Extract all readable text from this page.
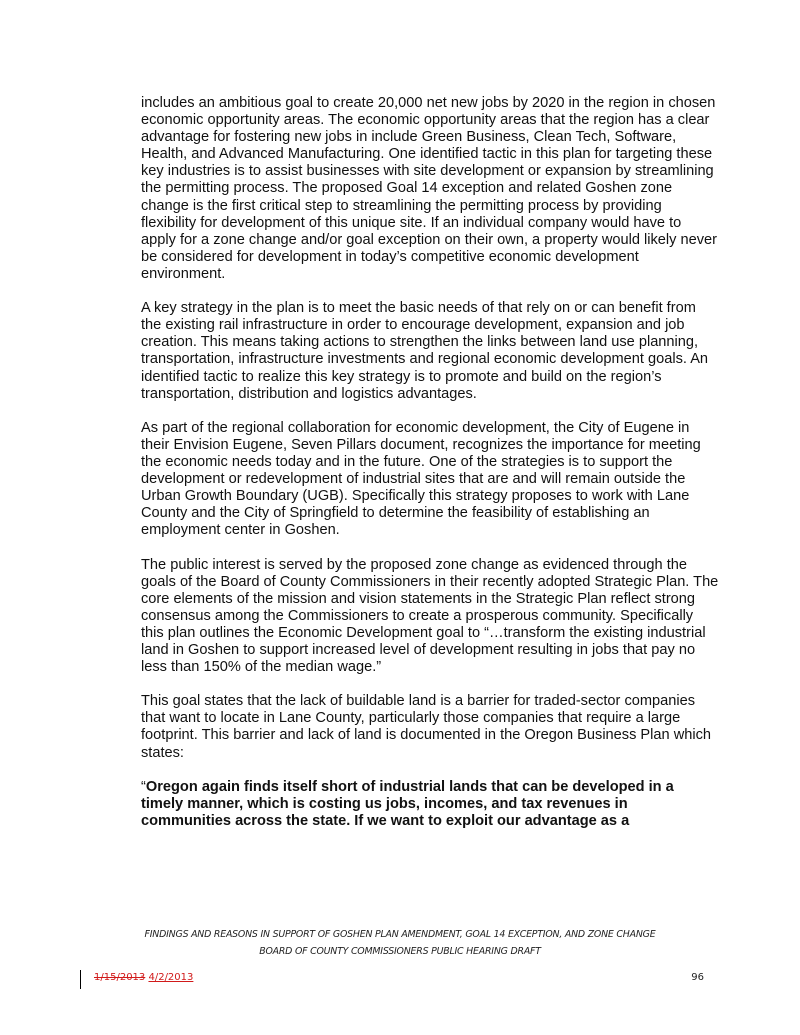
includes an ambitious goal to create 20,000 net new jobs by 2020 in the region in chosen economic opportunity areas. The economic opportunity areas that the region has a clear advantage for fostering new jobs in include Green Business, Clean Tech, Software, Health, and Advanced Manufacturing. One identified tactic in this plan for targeting these key industries is to assist businesses with site development or expansion by streamlining the permitting process. The proposed Goal 14 exception and related Goshen zone change is the first critical step to streamlining the permitting process by providing flexibility for development of this unique site. If an individual company would have to apply for a zone change and/or goal exception on their own, a property would likely never be considered for development in today’s competitive economic development environment.

A key strategy in the plan is to meet the basic needs of that rely on or can benefit from the existing rail infrastructure in order to encourage development, expansion and job creation. This means taking actions to strengthen the links between land use planning, transportation, infrastructure investments and regional economic development goals. An identified tactic to realize this key strategy is to promote and build on the region’s transportation, distribution and logistics advantages.

As part of the regional collaboration for economic development, the City of Eugene in their Envision Eugene, Seven Pillars document, recognizes the importance for meeting the economic needs today and in the future. One of the strategies is to support the development or redevelopment of industrial sites that are and will remain outside the Urban Growth Boundary (UGB). Specifically this strategy proposes to work with Lane County and the City of Springfield to determine the feasibility of establishing an employment center in Goshen.

The public interest is served by the proposed zone change as evidenced through the goals of the Board of County Commissioners in their recently adopted Strategic Plan. The core elements of the mission and vision statements in the Strategic Plan reflect strong consensus among the Commissioners to create a prosperous community. Specifically this plan outlines the Economic Development goal to “…transform the existing industrial land in Goshen to support increased level of development resulting in jobs that pay no less than 150% of the median wage.”

This goal states that the lack of buildable land is a barrier for traded-sector companies that want to locate in Lane County, particularly those companies that require a large footprint. This barrier and lack of land is documented in the Oregon Business Plan which states:

“Oregon again finds itself short of industrial lands that can be developed in a timely manner, which is costing us jobs, incomes, and tax revenues in communities across the state. If we want to exploit our advantage as a

FINDINGS AND REASONS IN SUPPORT OF GOSHEN PLAN AMENDMENT, GOAL 14 EXCEPTION, AND ZONE CHANGE
BOARD OF COUNTY COMMISSIONERS PUBLIC HEARING DRAFT
1/15/2013 4/2/2013	96
